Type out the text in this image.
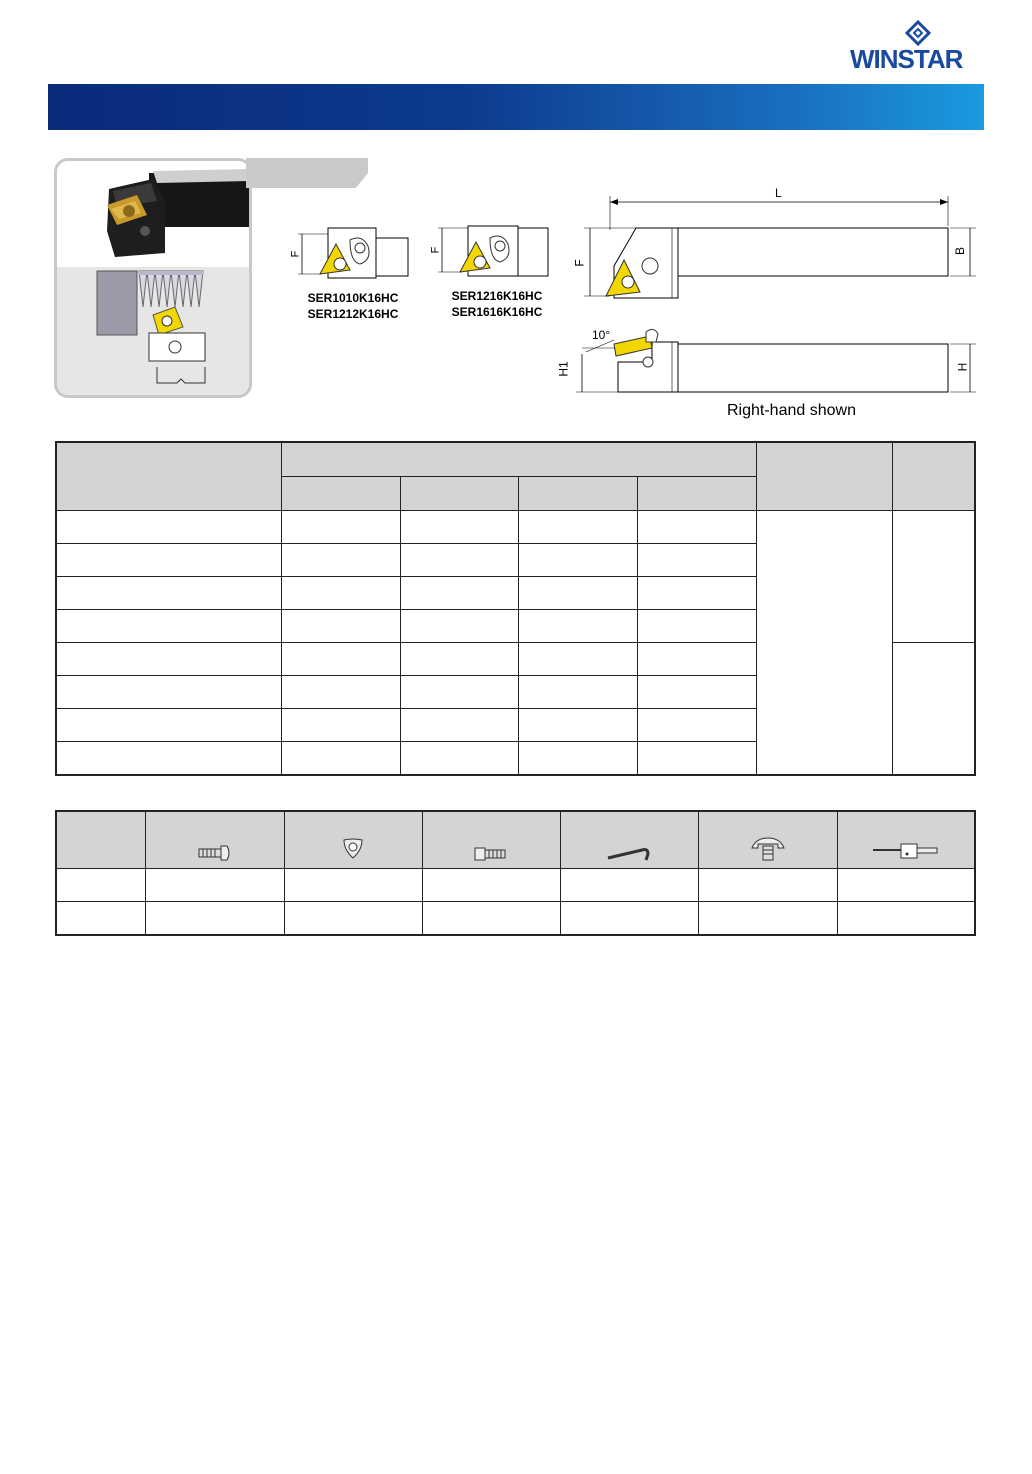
WINSTAR
F
SER1010K16HC
SER1212K16HC
F
SER1216K16HC
SER1616K16HC
L
B
F
10°
H1	H
Right-hand shown
